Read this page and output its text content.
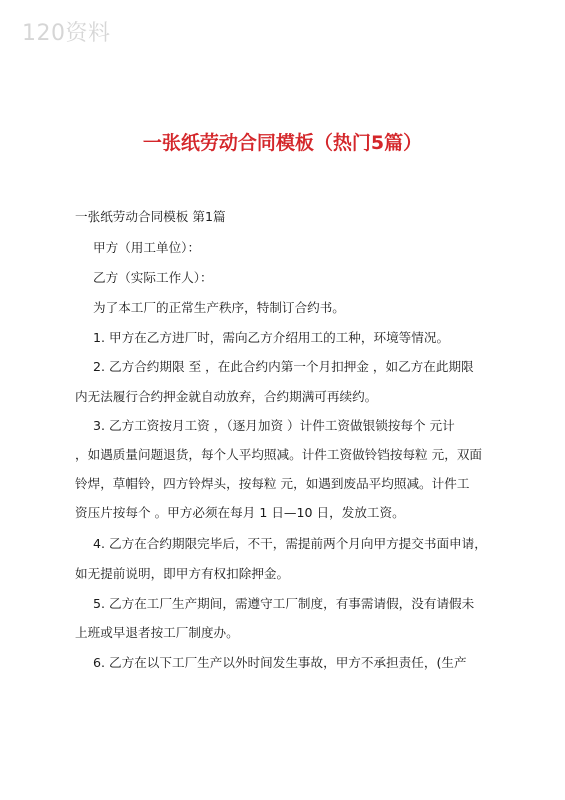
120资料
一张纸劳动合同模板（热门5篇）
一张纸劳动合同模板 第1篇
甲方（用工单位）：
乙方（实际工作人）：
为了本工厂的正常生产秩序，特制订合约书。
1. 甲方在乙方进厂时，需向乙方介绍用工的工种，环境等情况。
2. 乙方合约期限 至 ，在此合约内第一个月扣押金 ，如乙方在此期限
内无法履行合约押金就自动放弃，合约期满可再续约。
3. 乙方工资按月工资 ，（逐月加资 ）计件工资做银锁按每个 元计
，如遇质量问题退货，每个人平均照减。计件工资做铃铛按每粒 元，双面
铃焊，草帽铃，四方铃焊头，按每粒 元，如遇到废品平均照减。计件工
资压片按每个 。甲方必须在每月 1 日—10 日，发放工资。
4. 乙方在合约期限完毕后，不干，需提前两个月向甲方提交书面申请，
如无提前说明，即甲方有权扣除押金。
5. 乙方在工厂生产期间，需遵守工厂制度，有事需请假，没有请假未
上班或早退者按工厂制度办。
6. 乙方在以下工厂生产以外时间发生事故，甲方不承担责任，(生产
